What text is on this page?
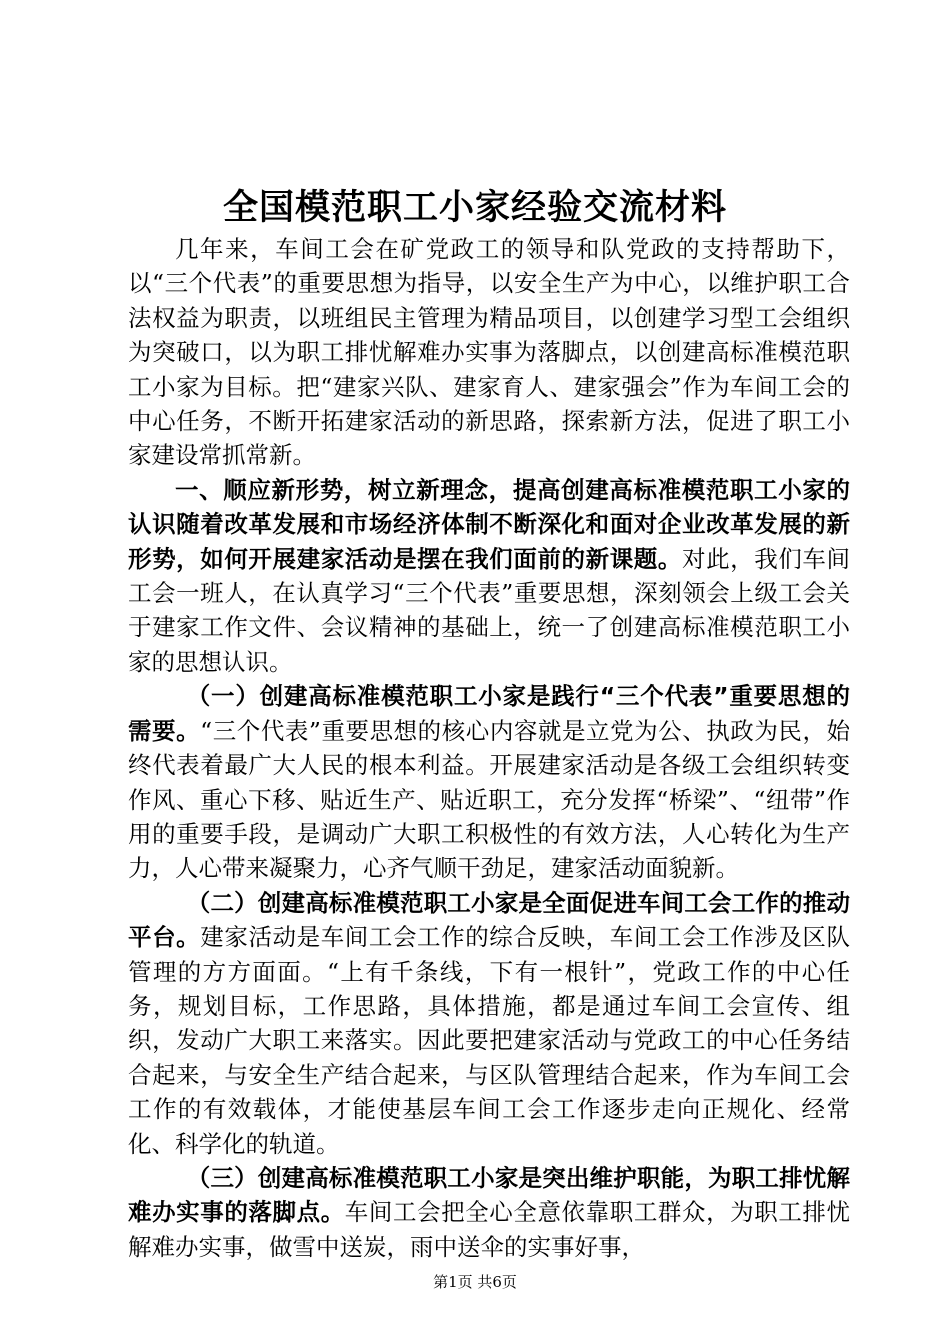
全国模范职工小家经验交流材料

几年来，车间工会在矿党政工的领导和队党政的支持帮助下，以“三个代表”的重要思想为指导，以安全生产为中心，以维护职工合法权益为职责，以班组民主管理为精品项目，以创建学习型工会组织为突破口，以为职工排忧解难办实事为落脚点，以创建高标准模范职工小家为目标。把“建家兴队、建家育人、建家强会”作为车间工会的中心任务，不断开拓建家活动的新思路，探索新方法，促进了职工小家建设常抓常新。

一、顺应新形势，树立新理念，提高创建高标准模范职工小家的认识随着改革发展和市场经济体制不断深化和面对企业改革发展的新形势，如何开展建家活动是摆在我们面前的新课题。对此，我们车间工会一班人，在认真学习“三个代表”重要思想，深刻领会上级工会关于建家工作文件、会议精神的基础上，统一了创建高标准模范职工小家的思想认识。

（一）创建高标准模范职工小家是践行“三个代表”重要思想的需要。“三个代表”重要思想的核心内容就是立党为公、执政为民，始终代表着最广大人民的根本利益。开展建家活动是各级工会组织转变作风、重心下移、贴近生产、贴近职工，充分发挥“桥梁”、“纽带”作用的重要手段，是调动广大职工积极性的有效方法，人心转化为生产力，人心带来凝聚力，心齐气顺干劲足，建家活动面貌新。

（二）创建高标准模范职工小家是全面促进车间工会工作的推动平台。建家活动是车间工会工作的综合反映，车间工会工作涉及区队管理的方方面面。“上有千条线，下有一根针”，党政工作的中心任务，规划目标，工作思路，具体措施，都是通过车间工会宣传、组织，发动广大职工来落实。因此要把建家活动与党政工的中心任务结合起来，与安全生产结合起来，与区队管理结合起来，作为车间工会工作的有效载体，才能使基层车间工会工作逐步走向正规化、经常化、科学化的轨道。

（三）创建高标准模范职工小家是突出维护职能，为职工排忧解难办实事的落脚点。车间工会把全心全意依靠职工群众，为职工排忧解难办实事，做雪中送炭，雨中送伞的实事好事，

第1页 共6页
